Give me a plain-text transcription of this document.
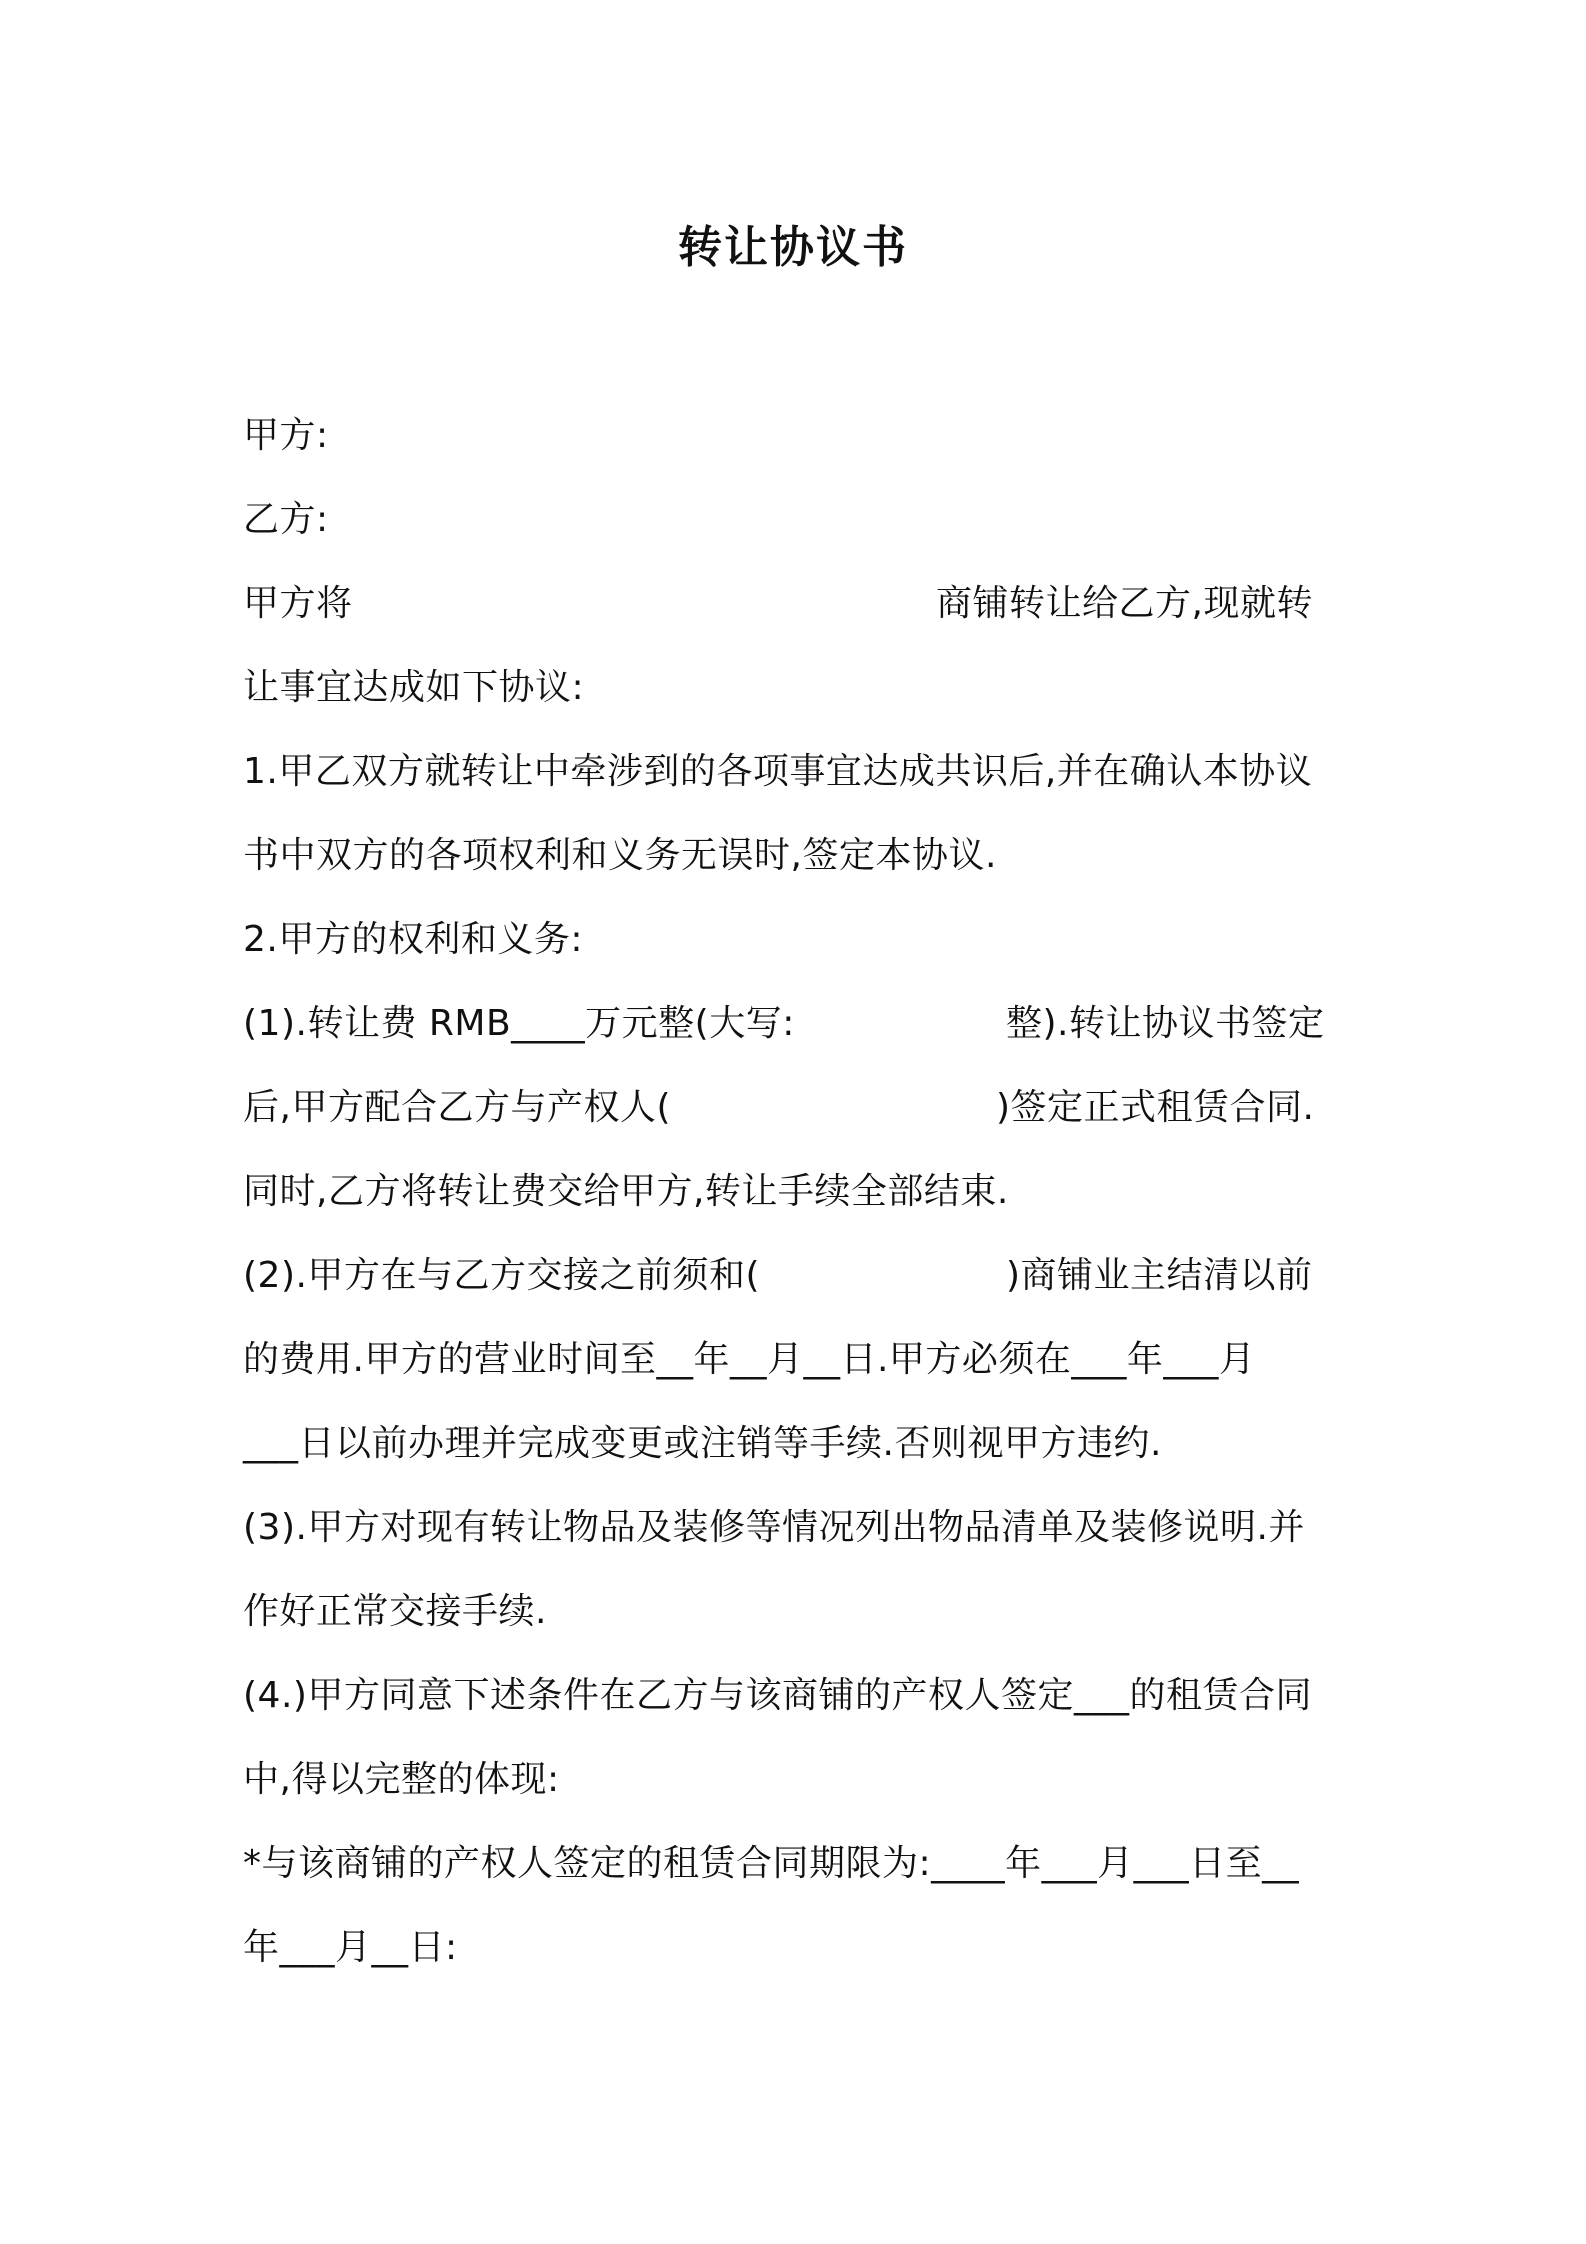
转让协议书
甲方:
乙方:
甲方将	商铺转让给乙方,现就转
让事宜达成如下协议:
1.甲乙双方就转让中牵涉到的各项事宜达成共识后,并在确认本协议
书中双方的各项权利和义务无误时,签定本协议.
2.甲方的权利和义务:
(1).转让费 RMB____万元整(大写:	整).转让协议书签定
后,甲方配合乙方与产权人(	)签定正式租赁合同.
同时,乙方将转让费交给甲方,转让手续全部结束.
(2).甲方在与乙方交接之前须和(	)商铺业主结清以前
的费用.甲方的营业时间至__年__月__日.甲方必须在___年___月
___日以前办理并完成变更或注销等手续.否则视甲方违约.
(3).甲方对现有转让物品及装修等情况列出物品清单及装修说明.并
作好正常交接手续.
(4.)甲方同意下述条件在乙方与该商铺的产权人签定___的租赁合同
中,得以完整的体现:
*与该商铺的产权人签定的租赁合同期限为:____年___月___日至__
年___月__日:
